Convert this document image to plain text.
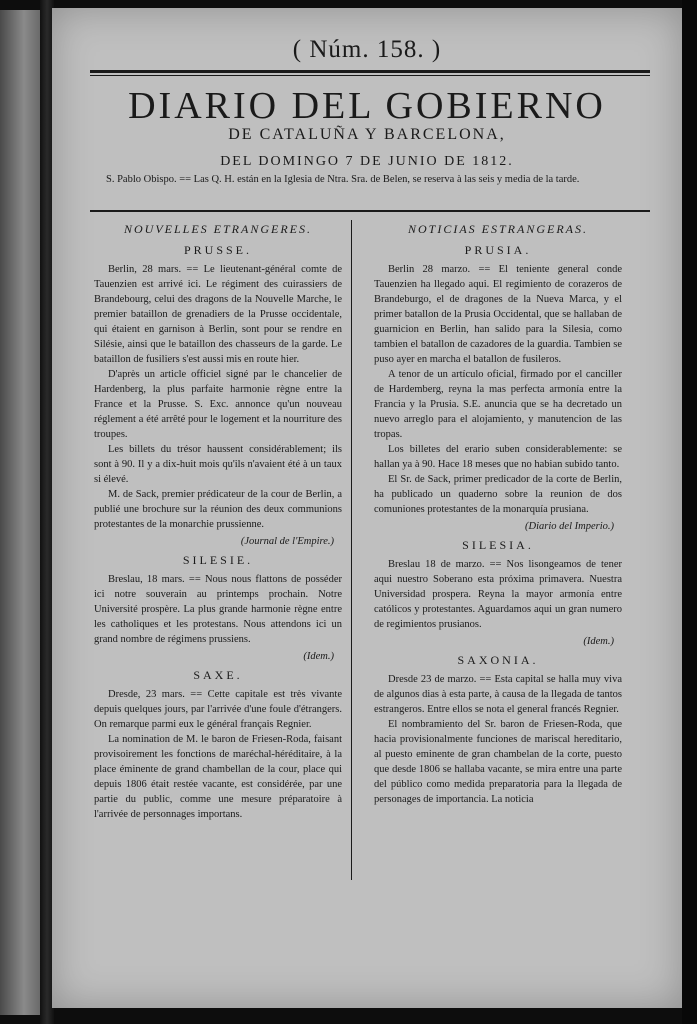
( Núm. 158. )
DIARIO DEL GOBIERNO
DE CATALUÑA Y BARCELONA,
DEL DOMINGO 7 DE JUNIO DE 1812.
S. Pablo Obispo. == Las Q. H. están en la Iglesia de Ntra. Sra. de Belen, se reserva à las seis y media de la tarde.
NOUVELLES ETRANGERES.
PRUSSE.

Berlin, 28 mars. == Le lieutenant-général comte de Tauenzien est arrivé ici. Le régiment des cuirassiers de Brandebourg, celui des dragons de la Nouvelle Marche, le premier bataillon de grenadiers de la Prusse occidentale, qui étaient en garnison à Berlin, sont pour se rendre en Silésie, ainsi que le bataillon des chasseurs de la garde. Le bataillon de fusiliers s'est aussi mis en route hier.

D'après un article officiel signé par le chancelier de Hardenberg, la plus parfaite harmonie règne entre la France et la Prusse. S. Exc. annonce qu'un nouveau réglement a été arrêté pour le logement et la nourriture des troupes.

Les billets du trésor haussent considérablement; ils sont à 90. Il y a dix-huit mois qu'ils n'avaient été à un taux si élevé.

M. de Sack, premier prédicateur de la cour de Berlin, a publié une brochure sur la réunion des deux communions protestantes de la monarchie prussienne.

(Journal de l'Empire.)
SILESIE.

Breslau, 18 mars. == Nous nous flattons de posséder ici notre souverain au printemps prochain. Notre Université prospère. La plus grande harmonie règne entre les catholiques et les protestans. Nous attendons ici un grand nombre de régimens prussiens.

(Idem.)
SAXE.

Dresde, 23 mars. == Cette capitale est très vivante depuis quelques jours, par l'arrivée d'une foule d'étrangers. On remarque parmi eux le général français Regnier.

La nomination de M. le baron de Friesen-Roda, faisant provisoirement les fonctions de maréchal-héréditaire, à la place éminente de grand chambellan de la cour, place qui depuis 1806 était restée vacante, est considérée, par une partie du public, comme une mesure préparatoire à l'arrivée de personnages importans.

NOTICIAS ESTRANGERAS.
PRUSIA.

Berlin 28 marzo. == El teniente general conde Tauenzien ha llegado aqui. El regimiento de corazeros de Brandeburgo, el de dragones de la Nueva Marca, y el primer batallon de la Prusia Occidental, que se hallaban de guarnicion en Berlin, han salido para la Silesia, como tambien el batallon de cazadores de la guardia. Tambien se puso ayer en marcha el batallon de fusileros.

A tenor de un artículo oficial, firmado por el canciller de Hardemberg, reyna la mas perfecta armonía entre la Francia y la Prusia. S.E. anuncia que se ha decretado un nuevo arreglo para el alojamiento, y manutencion de las tropas.

Los billetes del erario suben considerablemente: se hallan ya à 90. Hace 18 meses que no habian subido tanto.

El Sr. de Sack, primer predicador de la corte de Berlin, ha publicado un quaderno sobre la reunion de dos comuniones protestantes de la monarquía prusiana.

(Diario del Imperio.)
SILESIA.

Breslau 18 de marzo. == Nos lisongeamos de tener aqui nuestro Soberano esta próxima primavera. Nuestra Universidad prospera. Reyna la mayor armonía entre católicos y protestantes. Aguardamos aqui un gran numero de regimientos prusianos.

(Idem.)
SAXONIA.

Dresde 23 de marzo. == Esta capital se halla muy viva de algunos dias à esta parte, à causa de la llegada de tantos estrangeros. Entre ellos se nota el general francés Regnier.

El nombramiento del Sr. baron de Friesen-Roda, que hacia provisionalmente funciones de mariscal hereditario, al puesto eminente de gran chambelan de la corte, puesto que desde 1806 se hallaba vacante, se mira entre una parte del público como medida preparatoria para la llegada de personages de importancia. La noticia
